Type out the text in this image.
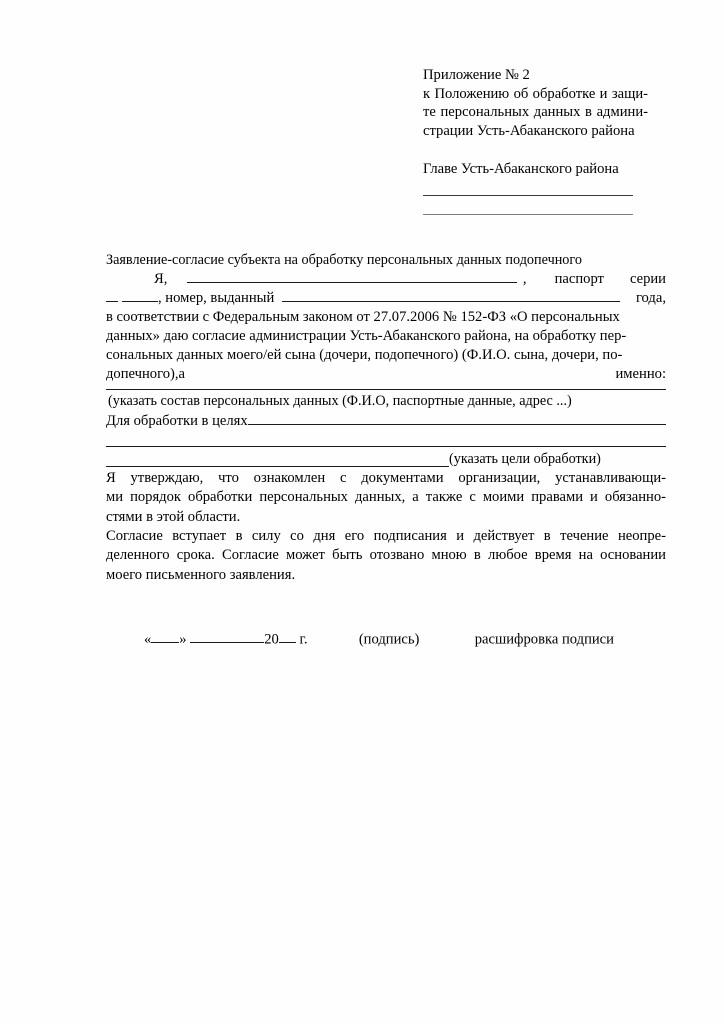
Приложение № 2
к Положению об обработке и защи-
те персональных данных в админи-
страции Усть-Абаканского района
Главе Усть-Абаканского района
Заявление-согласие субъекта на обработку персональных данных подопечного
Я,	, паспорт серии
, номер, выданный	года,
в соответствии с Федеральным законом от 27.07.2006 № 152-ФЗ «О персональных
данных» даю согласие администрации Усть-Абаканского района, на обработку пер-
сональных данных моего/ей сына (дочери, подопечного) (Ф.И.О. сына, дочери, по-
допечного),а	именно:
(указать состав персональных данных (Ф.И.О, паспортные данные, адрес ...)
Для обработки в целях
(указать цели обработки)
Я утверждаю, что ознакомлен с документами организации, устанавливающи-
ми порядок обработки персональных данных, а также с моими правами и обязанно-
стями в этой области.
Согласие вступает в силу со дня его подписания и действует в течение неопре-
деленного срока. Согласие может быть отозвано мною в любое время на основании
моего письменного заявления.
« »	20 г.	(подпись)	расшифровка подписи
